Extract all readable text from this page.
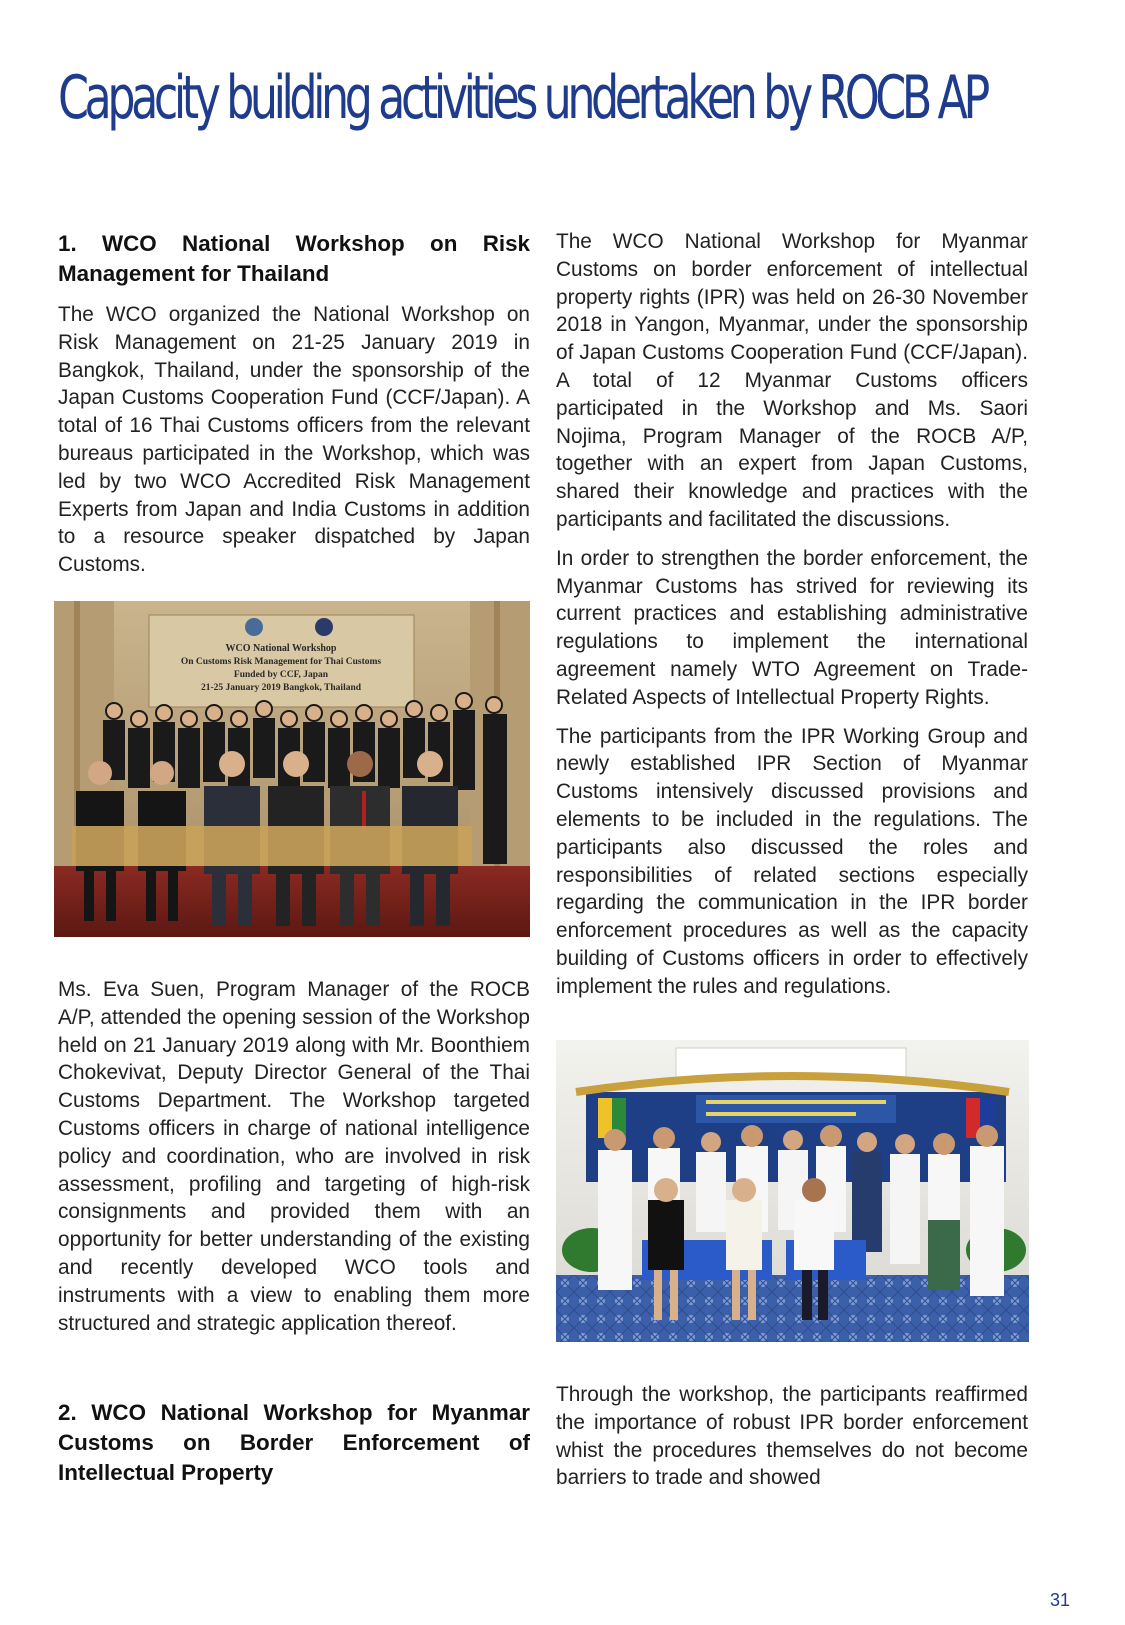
Capacity building activities undertaken by ROCB AP
1. WCO National Workshop on Risk Management for Thailand

The WCO organized the National Workshop on Risk Management on 21-25 January 2019 in Bangkok, Thailand, under the sponsorship of the Japan Customs Cooperation Fund (CCF/Japan). A total of 16 Thai Customs officers from the relevant bureaus participated in the Workshop, which was led by two WCO Accredited Risk Management Experts from Japan and India Customs in addition to a resource speaker dispatched by Japan Customs.

WCO National Workshop
On Customs Risk Management for Thai Customs
Funded by CCF, Japan
21-25 January 2019 Bangkok, Thailand

Ms. Eva Suen, Program Manager of the ROCB A/P, attended the opening session of the Workshop held on 21 January 2019 along with Mr. Boonthiem Chokevivat, Deputy Director General of the Thai Customs Department. The Workshop targeted Customs officers in charge of national intelligence policy and coordination, who are involved in risk assessment, profiling and targeting of high-risk consignments and provided them with an opportunity for better understanding of the existing and recently developed WCO tools and instruments with a view to enabling them more structured and strategic application thereof.

2. WCO National Workshop for Myanmar Customs on Border Enforcement of Intellectual Property

The WCO National Workshop for Myanmar Customs on border enforcement of intellectual property rights (IPR) was held on 26-30 November 2018 in Yangon, Myanmar, under the sponsorship of Japan Customs Cooperation Fund (CCF/Japan). A total of 12 Myanmar Customs officers participated in the Workshop and Ms. Saori Nojima, Program Manager of the ROCB A/P, together with an expert from Japan Customs, shared their knowledge and practices with the participants and facilitated the discussions.

In order to strengthen the border enforcement, the Myanmar Customs has strived for reviewing its current practices and establishing administrative regulations to implement the international agreement namely WTO Agreement on Trade-Related Aspects of Intellectual Property Rights.

The participants from the IPR Working Group and newly established IPR Section of Myanmar Customs intensively discussed provisions and elements to be included in the regulations. The participants also discussed the roles and responsibilities of related sections especially regarding the communication in the IPR border enforcement procedures as well as the capacity building of Customs officers in order to effectively implement the rules and regulations.

Through the workshop, the participants reaffirmed the importance of robust IPR border enforcement whist the procedures themselves do not become barriers to trade and showed

31
